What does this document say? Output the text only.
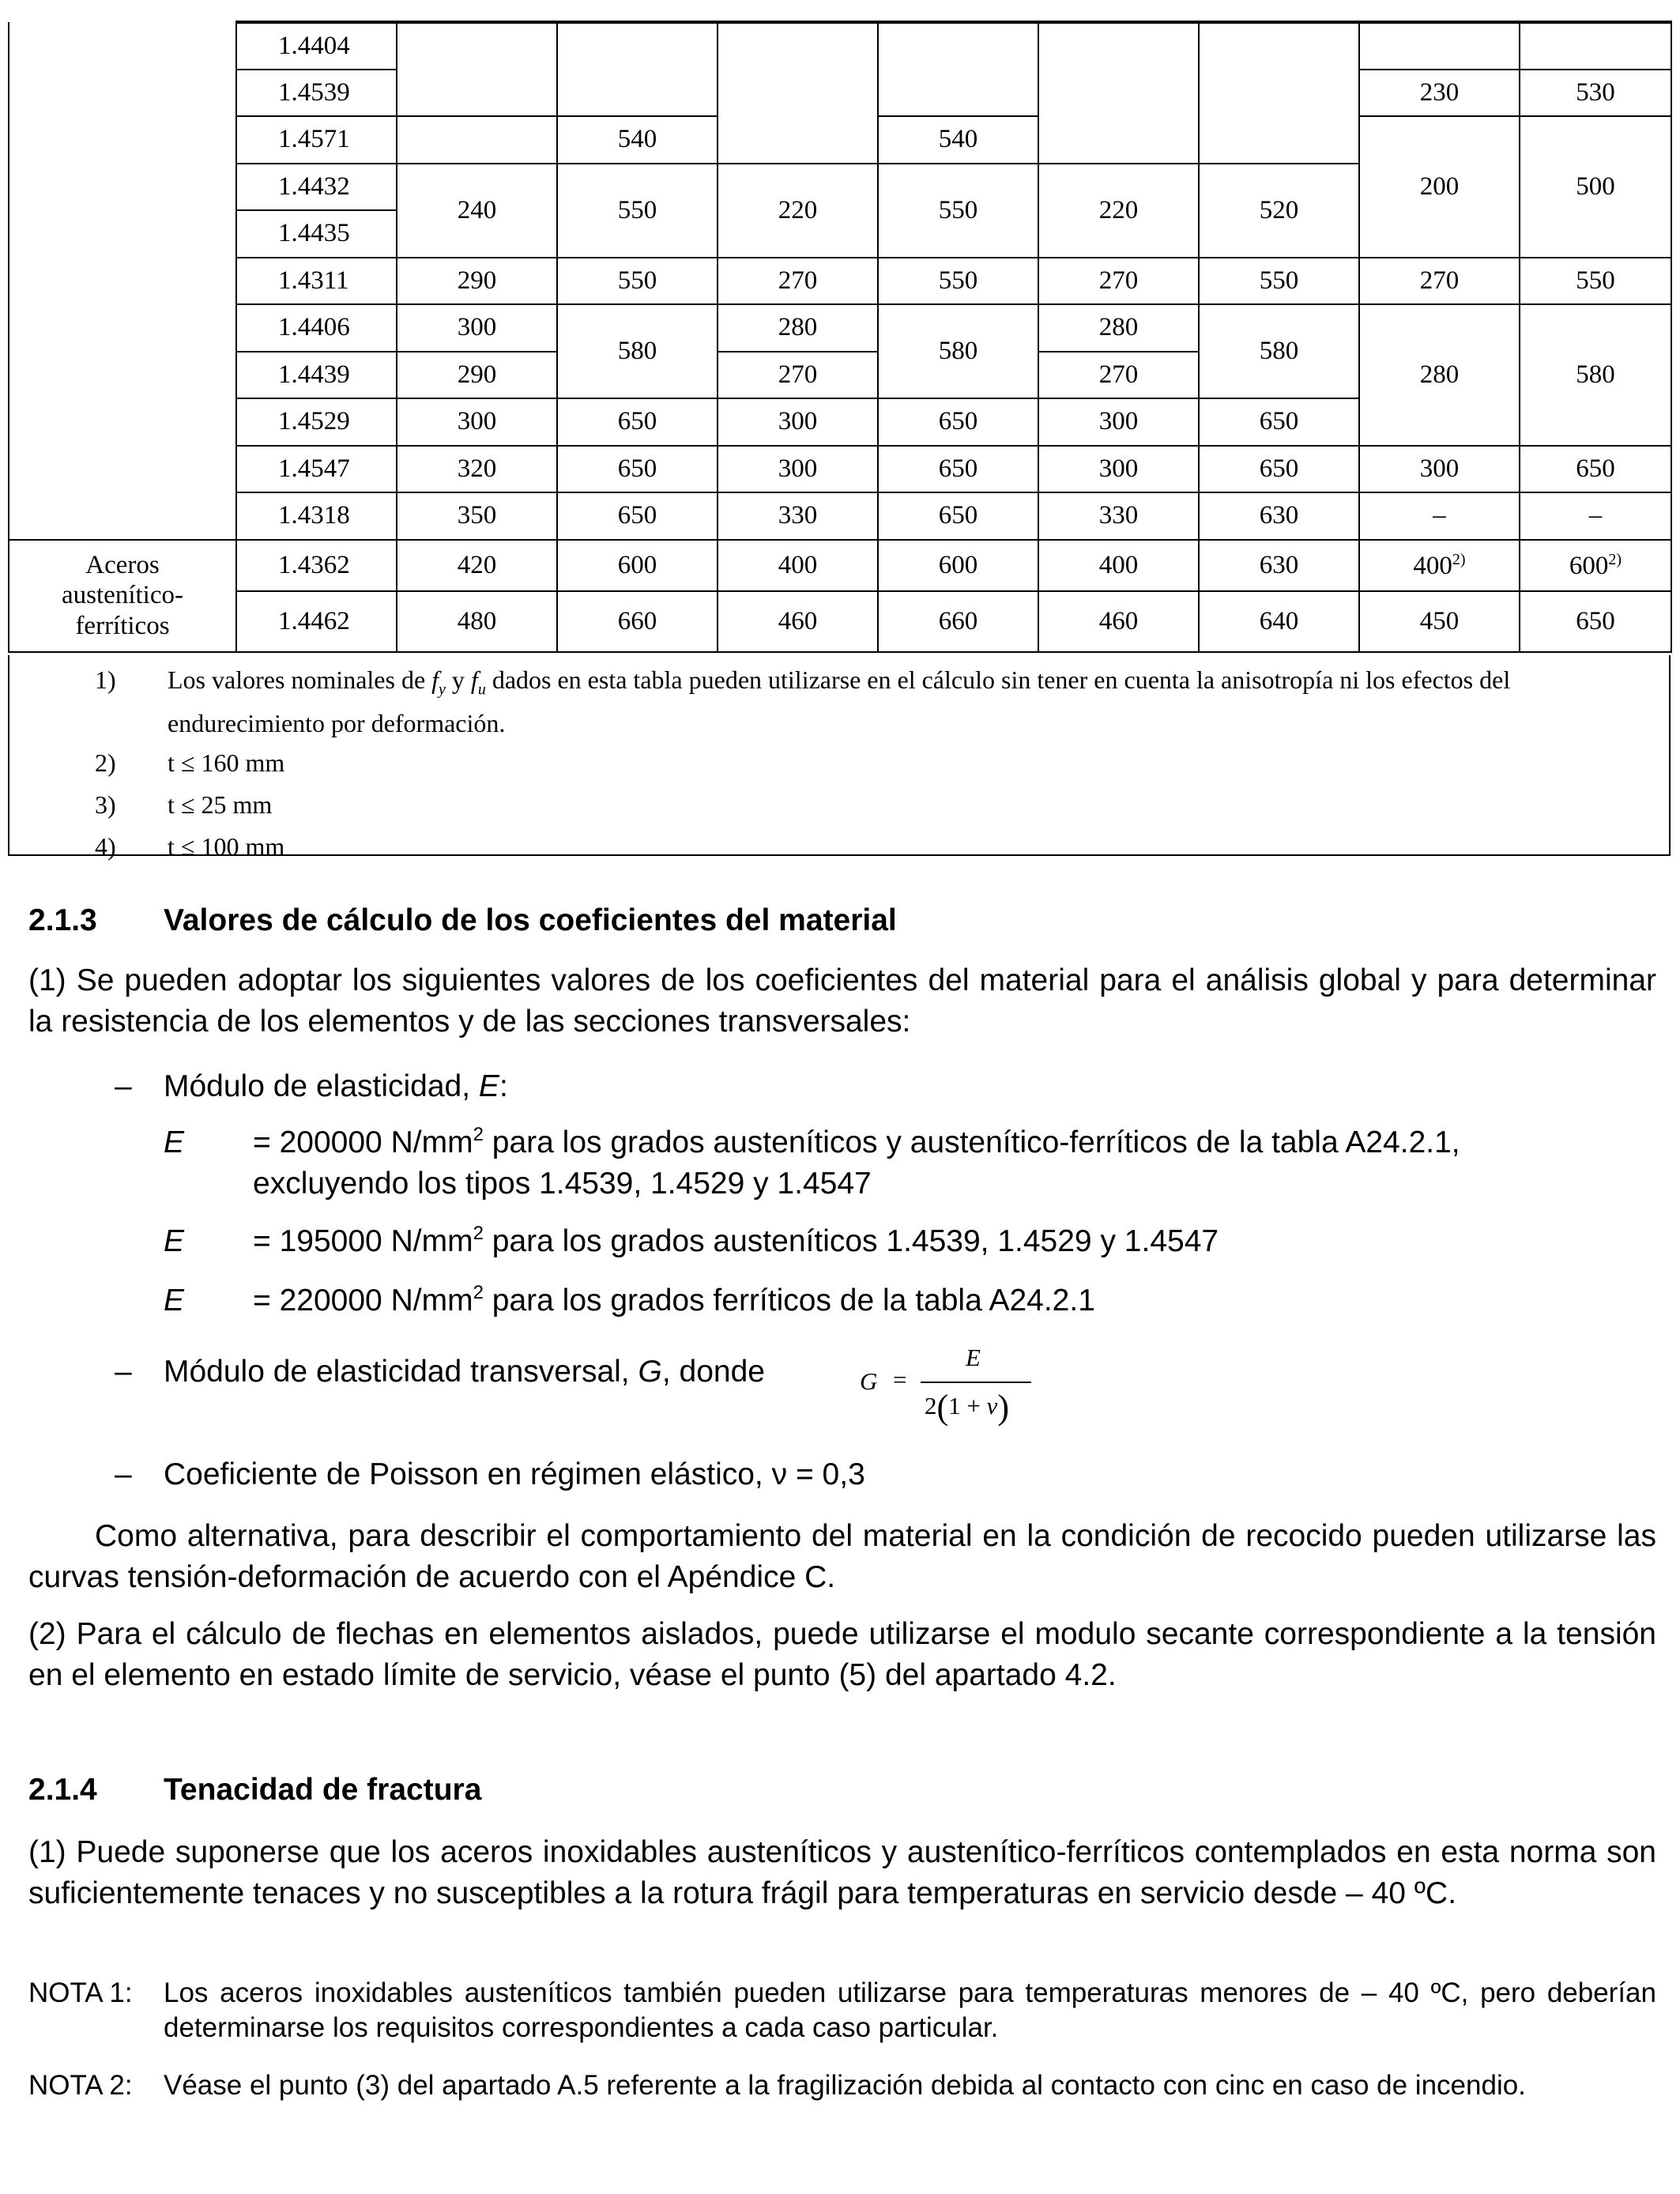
	1.4404								
	1.4539							230	530
	1.4571		540		540			200	500
	1.4432	240	550	220	550	220	520		
	1.4435								
	1.4311	290	550	270	550	270	550	270	550
	1.4406	300	580	280	580	280	580	280	580
	1.4439	290		270		270			
	1.4529	300	650	300	650	300	650		
	1.4547	320	650	300	650	300	650	300	650
	1.4318	350	650	330	650	330	630	–	–
Aceros
austenítico-
ferríticos	1.4362	420	600	400	600	400	630	400$^{2)}$	600$^{2)}$
	1.4462	480	660	460	660	460	640	450	650
1) Los valores nominales de $f_y$ y $f_u$ dados en esta tabla pueden utilizarse en el cálculo sin tener en cuenta la anisotropía ni los efectos del endurecimiento por deformación.
2) t ≤ 160 mm
3) t ≤ 25 mm
4) t ≤ 100 mm
2.1.3 Valores de cálculo de los coeficientes del material
(1) Se pueden adoptar los siguientes valores de los coeficientes del material para el análisis global y para determinar la resistencia de los elementos y de las secciones transversales:
– Módulo de elasticidad, E:
E = 200000 $N/mm^2$ para los grados austeníticos y austenítico-ferríticos de la tabla A24.2.1,
excluyendo los tipos 1.4539, 1.4529 y 1.4547
E = 195000 $N/mm^2$ para los grados austeníticos 1.4539, 1.4529 y 1.4547
E = 220000 $N/mm^2$ para los grados ferríticos de la tabla A24.2.1
– Módulo de elasticidad transversal, G, donde	G =
E
2(1 + ν)
– Coeficiente de Poisson en régimen elástico, ν = 0,3
Como alternativa, para describir el comportamiento del material en la condición de recocido pueden utilizarse las curvas tensión-deformación de acuerdo con el Apéndice C.
(2) Para el cálculo de flechas en elementos aislados, puede utilizarse el modulo secante correspondiente a la tensión en el elemento en estado límite de servicio, véase el punto (5) del apartado 4.2.
2.1.4 Tenacidad de fractura
(1) Puede suponerse que los aceros inoxidables austeníticos y austenítico-ferríticos contemplados en esta norma son suficientemente tenaces y no susceptibles a la rotura frágil para temperaturas en servicio desde – 40 ºC.
NOTA 1: Los aceros inoxidables austeníticos también pueden utilizarse para temperaturas menores de – 40 ºC, pero deberían determinarse los requisitos correspondientes a cada caso particular.
NOTA 2: Véase el punto (3) del apartado A.5 referente a la fragilización debida al contacto con cinc en caso de incendio.
